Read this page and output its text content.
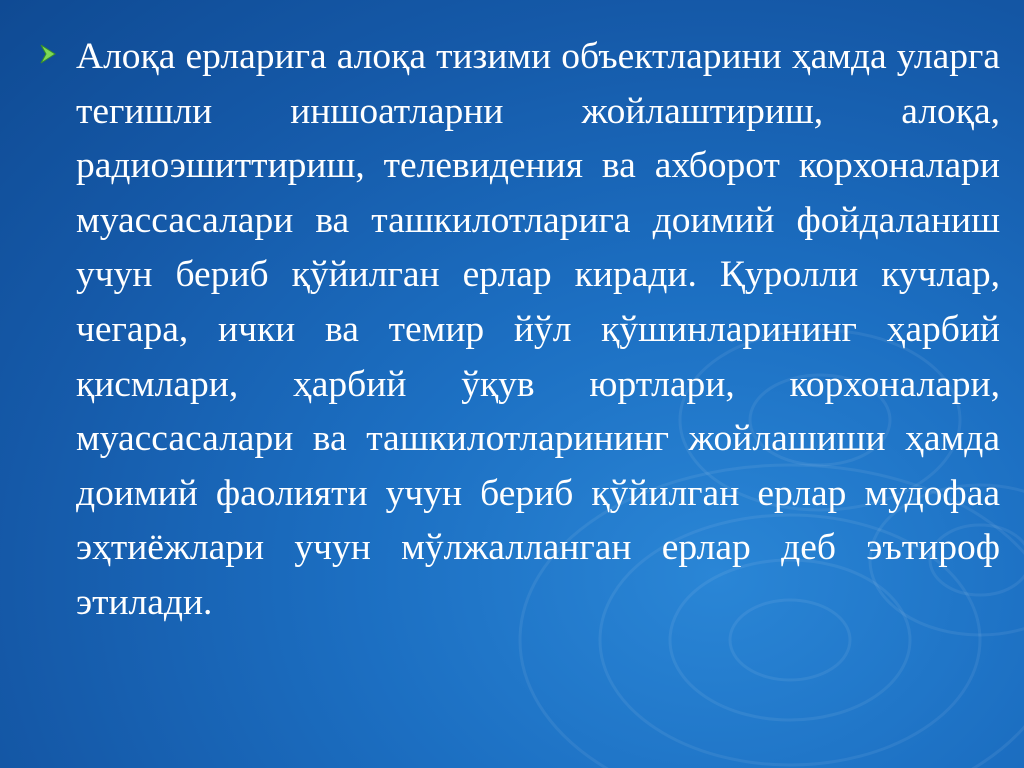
Алоқа ерларига алоқа тизими объектларини ҳамда уларга тегишли иншоатларни жойлаштириш, алоқа, радиоэшиттириш, телевидения ва ахборот корхоналари муассасалари ва ташкилотларига доимий фойдаланиш учун бериб қўйилган ерлар киради. Қуролли кучлар, чегара, ички ва темир йўл қўшинларининг ҳарбий қисмлари, ҳарбий ўқув юртлари, корхоналари, муассасалари ва ташкилотларининг жойлашиши ҳамда доимий фаолияти учун бериб қўйилган ерлар мудофаа эҳтиёжлари учун мўлжалланган ерлар деб эътироф этилади.
